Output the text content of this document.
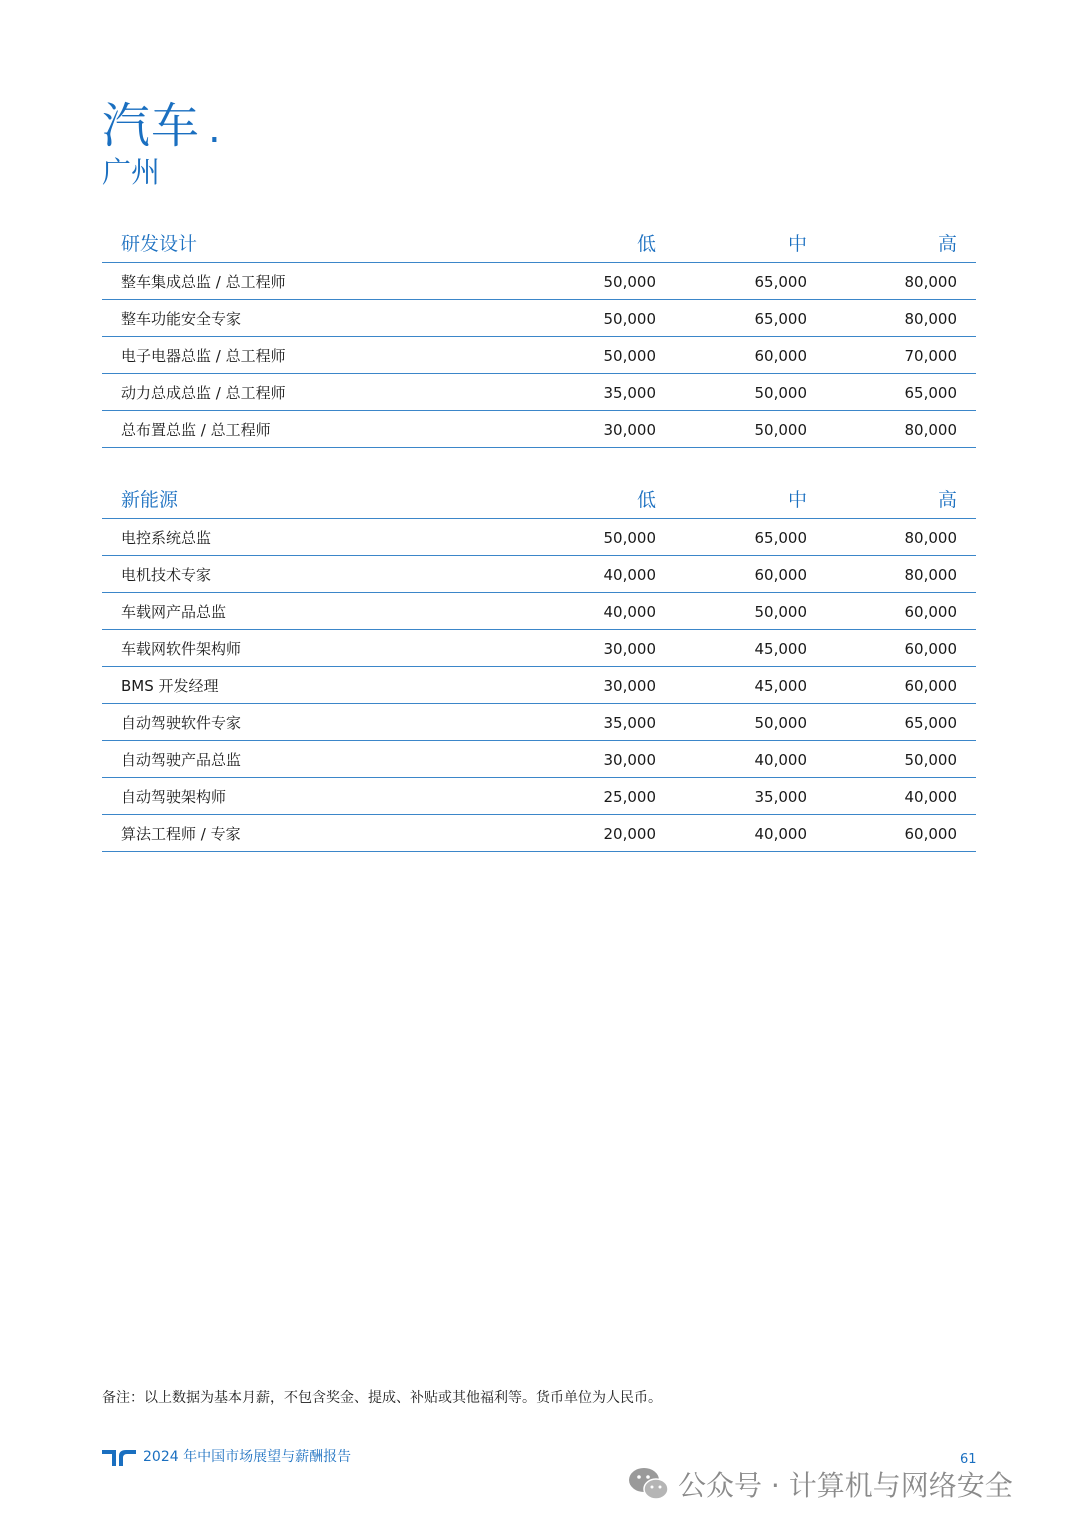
汽车 .
广州
研发设计	低	中	高
整车集成总监 / 总工程师	50,000	65,000	80,000
整车功能安全专家	50,000	65,000	80,000
电子电器总监 / 总工程师	50,000	60,000	70,000
动力总成总监 / 总工程师	35,000	50,000	65,000
总布置总监 / 总工程师	30,000	50,000	80,000
新能源	低	中	高
电控系统总监	50,000	65,000	80,000
电机技术专家	40,000	60,000	80,000
车载网产品总监	40,000	50,000	60,000
车载网软件架构师	30,000	45,000	60,000
BMS 开发经理	30,000	45,000	60,000
自动驾驶软件专家	35,000	50,000	65,000
自动驾驶产品总监	30,000	40,000	50,000
自动驾驶架构师	25,000	35,000	40,000
算法工程师 / 专家	20,000	40,000	60,000
备注：以上数据为基本月薪，不包含奖金、提成、补贴或其他福利等。货币单位为人民币。
2024 年中国市场展望与薪酬报告	61
公众号 · 计算机与网络安全
